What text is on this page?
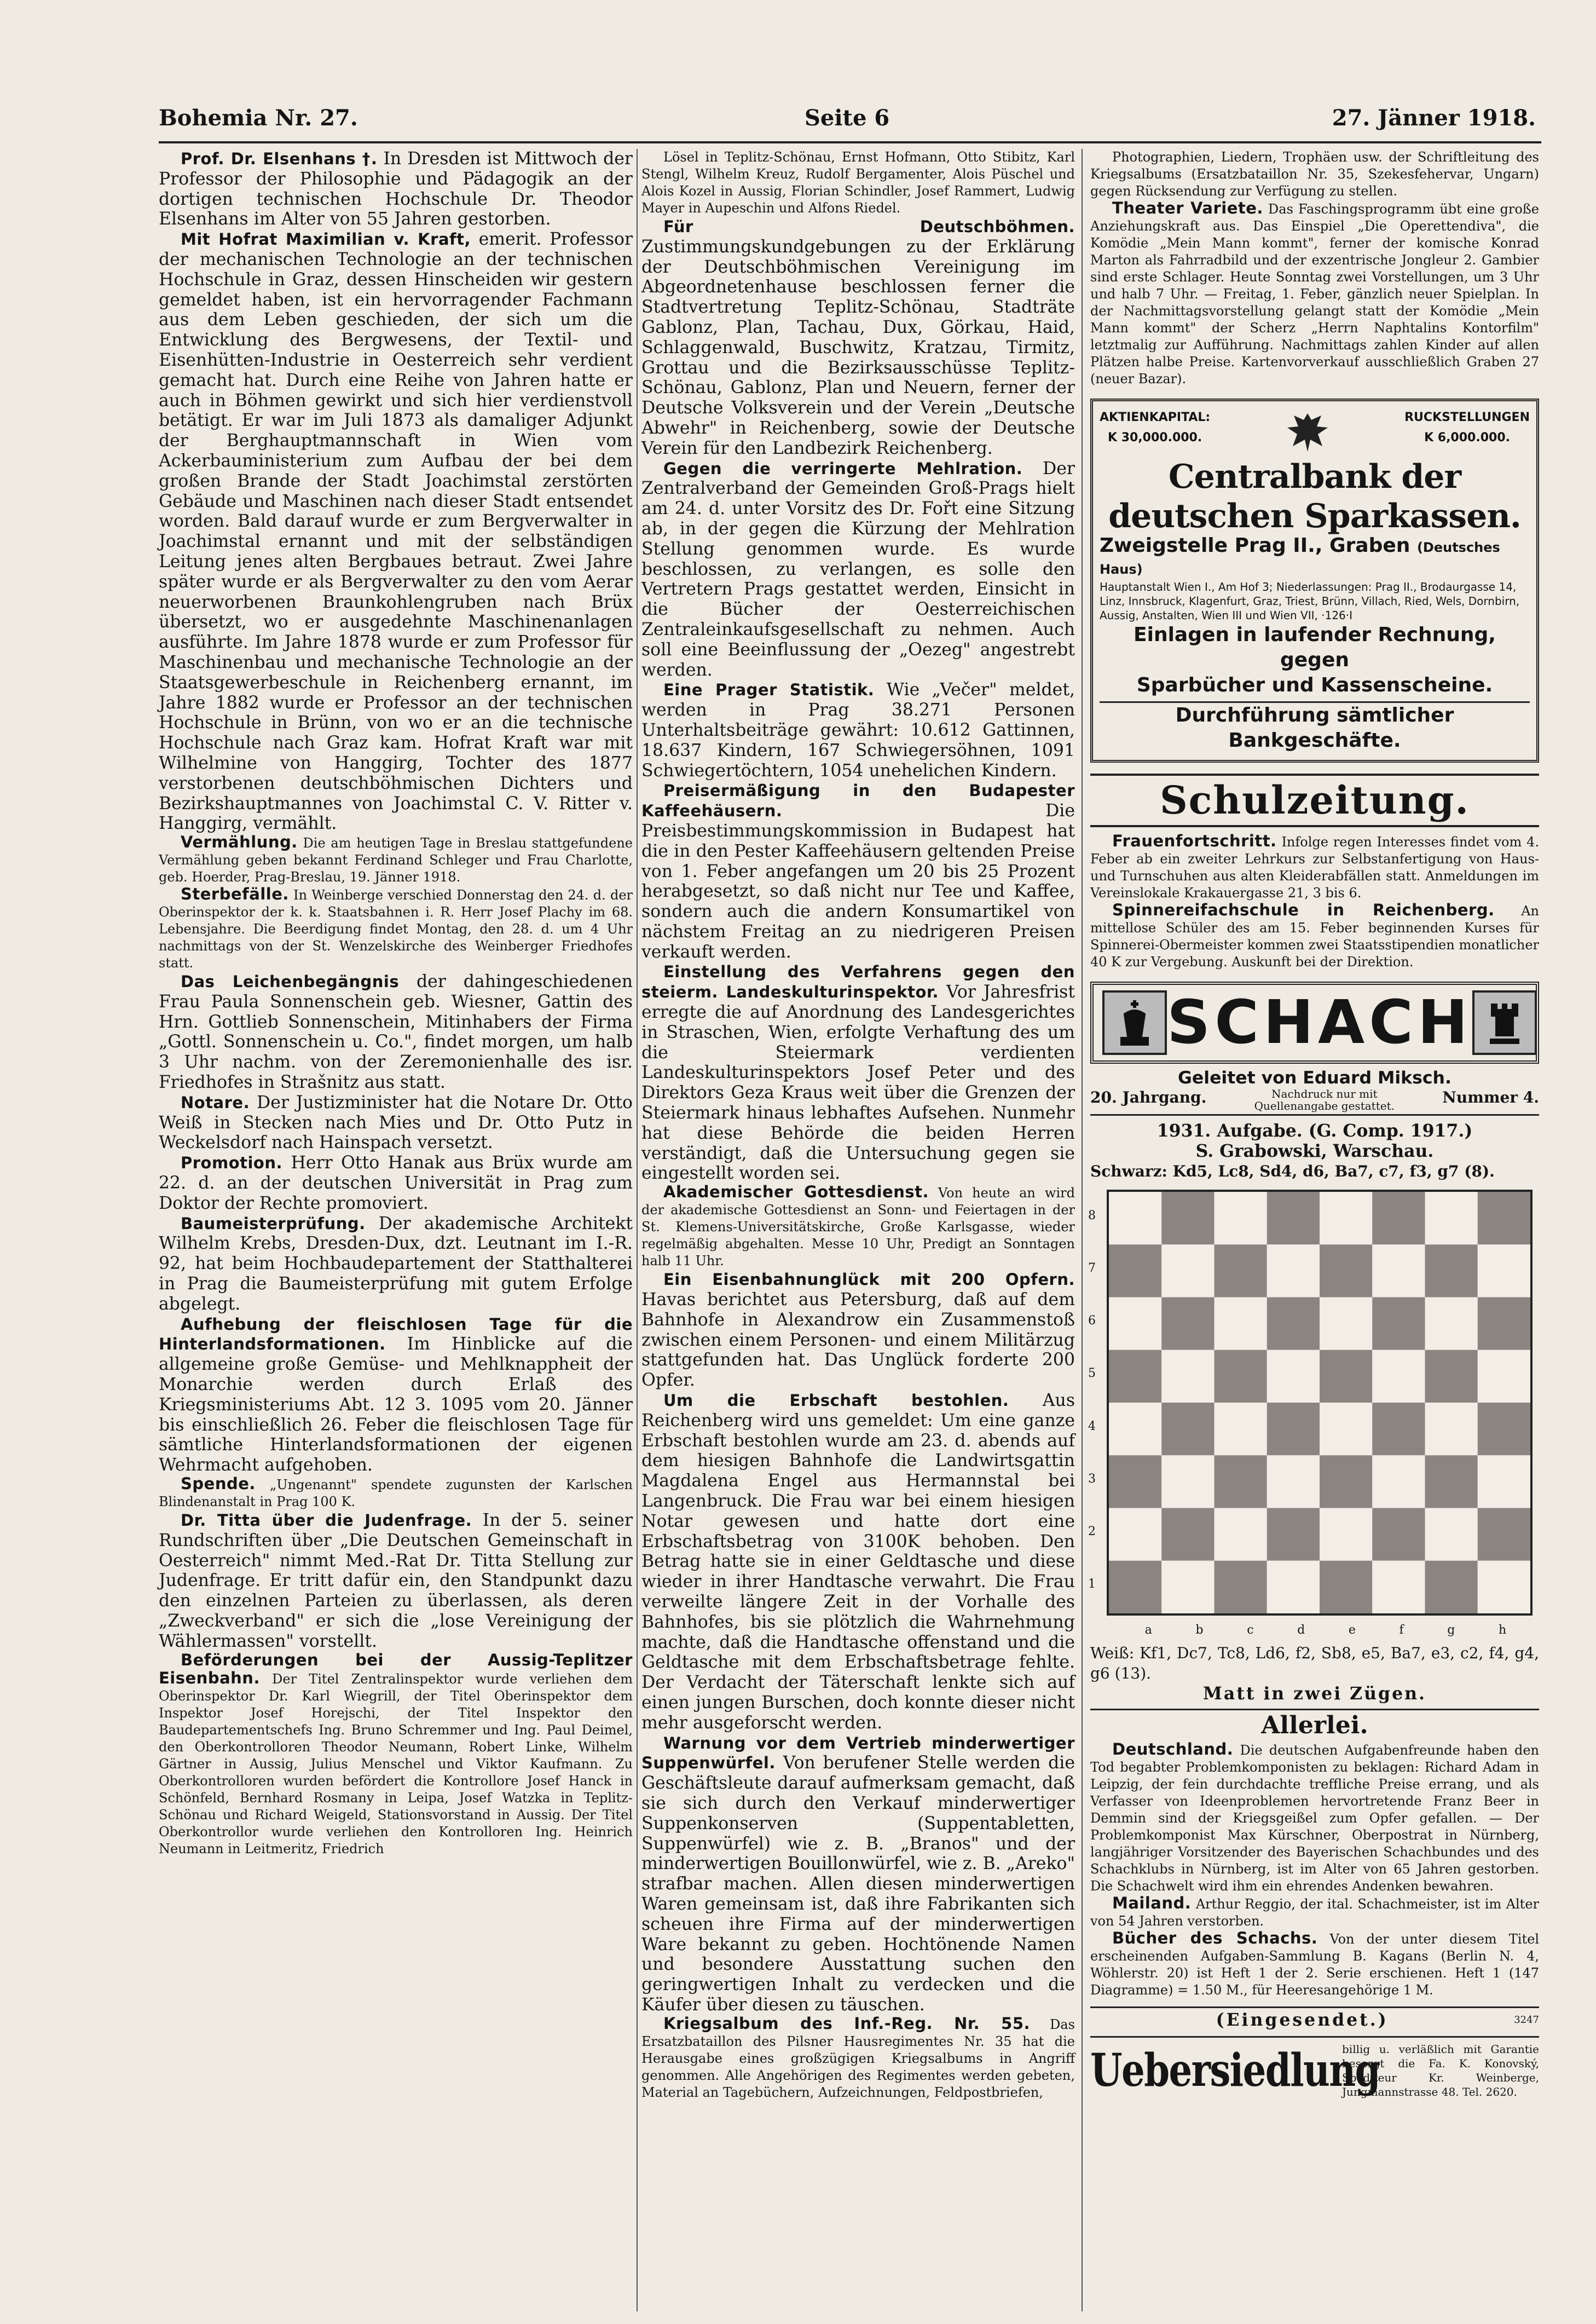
Bohemia Nr. 27.	Seite 6	27. Jänner 1918.

Prof. Dr. Elsenhans †. In Dresden ist Mittwoch der Professor der Philosophie und Pädagogik an der dortigen technischen Hochschule Dr. Theodor Elsenhans im Alter von 55 Jahren gestorben.

Mit Hofrat Maximilian v. Kraft, emerit. Professor der mechanischen Technologie an der technischen Hochschule in Graz, dessen Hinscheiden wir gestern gemeldet haben, ist ein hervorragender Fachmann aus dem Leben geschieden, der sich um die Entwicklung des Bergwesens, der Textil- und Eisenhütten-Industrie in Oesterreich sehr verdient gemacht hat. Durch eine Reihe von Jahren hatte er auch in Böhmen gewirkt und sich hier verdienstvoll betätigt. Er war im Juli 1873 als damaliger Adjunkt der Berghauptmannschaft in Wien vom Ackerbauministerium zum Aufbau der bei dem großen Brande der Stadt Joachimstal zerstörten Gebäude und Maschinen nach dieser Stadt entsendet worden. Bald darauf wurde er zum Bergverwalter in Joachimstal ernannt und mit der selbständigen Leitung jenes alten Bergbaues betraut. Zwei Jahre später wurde er als Bergverwalter zu den vom Aerar neuerworbenen Braunkohlengruben nach Brüx übersetzt, wo er ausgedehnte Maschinenanlagen ausführte. Im Jahre 1878 wurde er zum Professor für Maschinenbau und mechanische Technologie an der Staatsgewerbeschule in Reichenberg ernannt, im Jahre 1882 wurde er Professor an der technischen Hochschule in Brünn, von wo er an die technische Hochschule nach Graz kam. Hofrat Kraft war mit Wilhelmine von Hanggirg, Tochter des 1877 verstorbenen deutschböhmischen Dichters und Bezirkshauptmannes von Joachimstal C. V. Ritter v. Hanggirg, vermählt.

Vermählung. Die am heutigen Tage in Breslau stattgefundene Vermählung geben bekannt Ferdinand Schleger und Frau Charlotte, geb. Hoerder, Prag-Breslau, 19. Jänner 1918.

Sterbefälle. In Weinberge verschied Donnerstag den 24. d. der Oberinspektor der k. k. Staatsbahnen i. R. Herr Josef Plachy im 68. Lebensjahre. Die Beerdigung findet Montag, den 28. d. um 4 Uhr nachmittags von der St. Wenzelskirche des Weinberger Friedhofes statt.

Das Leichenbegängnis der dahingeschiedenen Frau Paula Sonnenschein geb. Wiesner, Gattin des Hrn. Gottlieb Sonnenschein, Mitinhabers der Firma „Gottl. Sonnenschein u. Co.", findet morgen, um halb 3 Uhr nachm. von der Zeremonienhalle des isr. Friedhofes in Strašnitz aus statt.

Notare. Der Justizminister hat die Notare Dr. Otto Weiß in Stecken nach Mies und Dr. Otto Putz in Weckelsdorf nach Hainspach versetzt.

Promotion. Herr Otto Hanak aus Brüx wurde am 22. d. an der deutschen Universität in Prag zum Doktor der Rechte promoviert.

Baumeisterprüfung. Der akademische Architekt Wilhelm Krebs, Dresden-Dux, dzt. Leutnant im I.-R. 92, hat beim Hochbaudepartement der Statthalterei in Prag die Baumeisterprüfung mit gutem Erfolge abgelegt.

Aufhebung der fleischlosen Tage für die Hinterlandsformationen. Im Hinblicke auf die allgemeine große Gemüse- und Mehlknappheit der Monarchie werden durch Erlaß des Kriegsministeriums Abt. 12 3. 1095 vom 20. Jänner bis einschließlich 26. Feber die fleischlosen Tage für sämtliche Hinterlandsformationen der eigenen Wehrmacht aufgehoben.

Spende. „Ungenannt" spendete zugunsten der Karlschen Blindenanstalt in Prag 100 K.

Dr. Titta über die Judenfrage. In der 5. seiner Rundschriften über „Die Deutschen Gemeinschaft in Oesterreich" nimmt Med.-Rat Dr. Titta Stellung zur Judenfrage. Er tritt dafür ein, den Standpunkt dazu den einzelnen Parteien zu überlassen, als deren „Zweckverband" er sich die „lose Vereinigung der Wählermassen" vorstellt.

Beförderungen bei der Aussig-Teplitzer Eisenbahn. Der Titel Zentralinspektor wurde verliehen dem Oberinspektor Dr. Karl Wiegrill, der Titel Oberinspektor dem Inspektor Josef Horejschi, der Titel Inspektor den Baudepartementschefs Ing. Bruno Schremmer und Ing. Paul Deimel, den Oberkontrolloren Theodor Neumann, Robert Linke, Wilhelm Gärtner in Aussig, Julius Menschel und Viktor Kaufmann. Zu Oberkontrolloren wurden befördert die Kontrollore Josef Hanck in Schönfeld, Bernhard Rosmany in Leipa, Josef Watzka in Teplitz-Schönau und Richard Weigeld, Stationsvorstand in Aussig. Der Titel Oberkontrollor wurde verliehen den Kontrolloren Ing. Heinrich Neumann in Leitmeritz, Friedrich

Lösel in Teplitz-Schönau, Ernst Hofmann, Otto Stibitz, Karl Stengl, Wilhelm Kreuz, Rudolf Bergamenter, Alois Püschel und Alois Kozel in Aussig, Florian Schindler, Josef Rammert, Ludwig Mayer in Aupeschin und Alfons Riedel.

Für Deutschböhmen. Zustimmungskundgebungen zu der Erklärung der Deutschböhmischen Vereinigung im Abgeordnetenhause beschlossen ferner die Stadtvertretung Teplitz-Schönau, Stadträte Gablonz, Plan, Tachau, Dux, Görkau, Haid, Schlaggenwald, Buschwitz, Kratzau, Tirmitz, Grottau und die Bezirksausschüsse Teplitz-Schönau, Gablonz, Plan und Neuern, ferner der Deutsche Volksverein und der Verein „Deutsche Abwehr" in Reichenberg, sowie der Deutsche Verein für den Landbezirk Reichenberg.

Gegen die verringerte Mehlration. Der Zentralverband der Gemeinden Groß-Prags hielt am 24. d. unter Vorsitz des Dr. Fořt eine Sitzung ab, in der gegen die Kürzung der Mehlration Stellung genommen wurde. Es wurde beschlossen, zu verlangen, es solle den Vertretern Prags gestattet werden, Einsicht in die Bücher der Oesterreichischen Zentraleinkaufsgesellschaft zu nehmen. Auch soll eine Beeinflussung der „Oezeg" angestrebt werden.

Eine Prager Statistik. Wie „Večer" meldet, werden in Prag 38.271 Personen Unterhaltsbeiträge gewährt: 10.612 Gattinnen, 18.637 Kindern, 167 Schwiegersöhnen, 1091 Schwiegertöchtern, 1054 unehelichen Kindern.

Preisermäßigung in den Budapester Kaffeehäusern.	Die Preisbestimmungskommission in Budapest hat die in den Pester Kaffeehäusern geltenden Preise von 1. Feber angefangen um 20 bis 25 Prozent herabgesetzt, so daß nicht nur Tee und Kaffee, sondern auch die andern Konsumartikel von nächstem Freitag an zu niedrigeren Preisen verkauft werden.

Einstellung des Verfahrens gegen den steierm. Landeskulturinspektor. Vor Jahresfrist erregte die auf Anordnung des Landesgerichtes in Straschen, Wien, erfolgte Verhaftung des um die Steiermark verdienten Landeskulturinspektors Josef Peter und des Direktors Geza Kraus weit über die Grenzen der Steiermark hinaus lebhaftes Aufsehen. Nunmehr hat diese Behörde die beiden Herren verständigt, daß die Untersuchung gegen sie eingestellt worden sei.

Akademischer Gottesdienst. Von heute an wird der akademische Gottesdienst an Sonn- und Feiertagen in der St. Klemens-Universitätskirche, Große Karlsgasse, wieder regelmäßig abgehalten. Messe 10 Uhr, Predigt an Sonntagen halb 11 Uhr.

Ein Eisenbahnunglück mit 200 Opfern. Havas berichtet aus Petersburg, daß auf dem Bahnhofe in Alexandrow ein Zusammenstoß zwischen einem Personen- und einem Militärzug stattgefunden hat. Das Unglück forderte 200 Opfer.

Um die Erbschaft bestohlen. Aus Reichenberg wird uns gemeldet: Um eine ganze Erbschaft bestohlen wurde am 23. d. abends auf dem hiesigen Bahnhofe die Landwirtsgattin Magdalena Engel aus Hermannstal bei Langenbruck. Die Frau war bei einem hiesigen Notar gewesen und hatte dort eine Erbschaftsbetrag von 3100K behoben. Den Betrag hatte sie in einer Geldtasche und diese wieder in ihrer Handtasche verwahrt. Die Frau verweilte längere Zeit in der Vorhalle des Bahnhofes, bis sie plötzlich die Wahrnehmung machte, daß die Handtasche offenstand und die Geldtasche mit dem Erbschaftsbetrage fehlte. Der Verdacht der Täterschaft lenkte sich auf einen jungen Burschen, doch konnte dieser nicht mehr ausgeforscht werden.

Warnung vor dem Vertrieb minderwertiger Suppenwürfel. Von berufener Stelle werden die Geschäftsleute darauf aufmerksam gemacht, daß sie sich durch den Verkauf minderwertiger Suppenkonserven (Suppentabletten, Suppenwürfel) wie z. B. „Branos" und der minderwertigen Bouillonwürfel, wie z. B. „Areko" strafbar machen. Allen diesen minderwertigen Waren gemeinsam ist, daß ihre Fabrikanten sich scheuen ihre Firma auf der minderwertigen Ware bekannt zu geben. Hochtönende Namen und besondere Ausstattung suchen den geringwertigen Inhalt zu verdecken und die Käufer über diesen zu täuschen.

Kriegsalbum des Inf.-Reg. Nr. 55. Das Ersatzbataillon des Pilsner Hausregimentes Nr. 35 hat die Herausgabe eines großzügigen Kriegsalbums in Angriff genommen. Alle Angehörigen des Regimentes werden gebeten, Material an Tagebüchern, Aufzeichnungen, Feldpostbriefen,

Photographien, Liedern, Trophäen usw. der Schriftleitung des Kriegsalbums (Ersatzbataillon Nr. 35, Szekesfehervar, Ungarn) gegen Rücksendung zur Verfügung zu stellen.

Theater Variete. Das Faschingsprogramm übt eine große Anziehungskraft aus. Das Einspiel „Die Operettendiva", die Komödie „Mein Mann kommt", ferner der komische Konrad Marton als Fahrradbild und der exzentrische Jongleur 2. Gambier sind erste Schlager. Heute Sonntag zwei Vorstellungen, um 3 Uhr und halb 7 Uhr. — Freitag, 1. Feber, gänzlich neuer Spielplan. In der Nachmittagsvorstellung gelangt statt der Komödie „Mein Mann kommt" der Scherz „Herrn Naphtalins Kontorfilm" letztmalig zur Aufführung. Nachmittags zahlen Kinder auf allen Plätzen halbe Preise. Kartenvorverkauf ausschließlich Graben 27 (neuer Bazar).

AKTIENKAPITAL:
K 30,000.000.
RUCKSTELLUNGEN
K 6,000.000.
Centralbank der deutschen Sparkassen.
Zweigstelle Prag II., Graben (Deutsches Haus)
Hauptanstalt Wien I., Am Hof 3; Niederlassungen: Prag II., Brodaurgasse 14, Linz, Innsbruck, Klagenfurt, Graz, Triest, Brünn, Villach, Ried, Wels, Dornbirn, Aussig, Anstalten, Wien III und Wien VII, ·126·I
Einlagen in laufender Rechnung, gegen
Sparbücher und Kassenscheine.
Durchführung sämtlicher Bankgeschäfte.
Schulzeitung.

Frauenfortschritt. Infolge regen Interesses findet vom 4. Feber ab ein zweiter Lehrkurs zur Selbstanfertigung von Haus- und Turnschuhen aus alten Kleiderabfällen statt. Anmeldungen im Vereinslokale Krakauergasse 21, 3 bis 6.

Spinnereifachschule in Reichenberg. An mittellose Schüler des am 15. Feber beginnenden Kurses für Spinnerei-Obermeister kommen zwei Staatsstipendien monatlicher 40 K zur Vergebung. Auskunft bei der Direktion.

SCHACH

Geleitet von Eduard Miksch.

20. Jahrgang.	Nachdruck nur mit Quellenangabe gestattet.	Nummer 4.

1931. Aufgabe. (G. Comp. 1917.)

S. Grabowski, Warschau.

Schwarz: Kd5, Lc8, Sd4, d6, Ba7, c7, f3, g7 (8).

8
7
6
5
4
3
2
1
a	b	c	d	e	f	g	h

Weiß: Kf1, Dc7, Tc8, Ld6, f2, Sb8, e5, Ba7, e3, c2, f4, g4, g6 (13).

Matt in zwei Zügen.

Allerlei.

Deutschland. Die deutschen Aufgabenfreunde haben den Tod begabter Problemkomponisten zu beklagen: Richard Adam in Leipzig, der fein durchdachte treffliche Preise errang, und als Verfasser von Ideenproblemen hervortretende Franz Beer in Demmin sind der Kriegsgeißel zum Opfer gefallen. — Der Problemkomponist Max Kürschner, Oberpostrat in Nürnberg, langjähriger Vorsitzender des Bayerischen Schachbundes und des Schachklubs in Nürnberg, ist im Alter von 65 Jahren gestorben. Die Schachwelt wird ihm ein ehrendes Andenken bewahren.

Mailand. Arthur Reggio, der ital. Schachmeister, ist im Alter von 54 Jahren verstorben.

Bücher des Schachs. Von der unter diesem Titel erscheinenden Aufgaben-Sammlung B. Kagans (Berlin N. 4, Wöhlerstr. 20) ist Heft 1 der 2. Serie erschienen. Heft 1 (147 Diagramme) = 1.50 M., für Heeresangehörige 1 M.

(Eingesendet.)	3247
Uebersiedlung
billig u. verläßlich mit Garantie besorgt die Fa. K. Konovský, Spediteur Kr. Weinberge, Jungmannstrasse 48. Tel. 2620.
